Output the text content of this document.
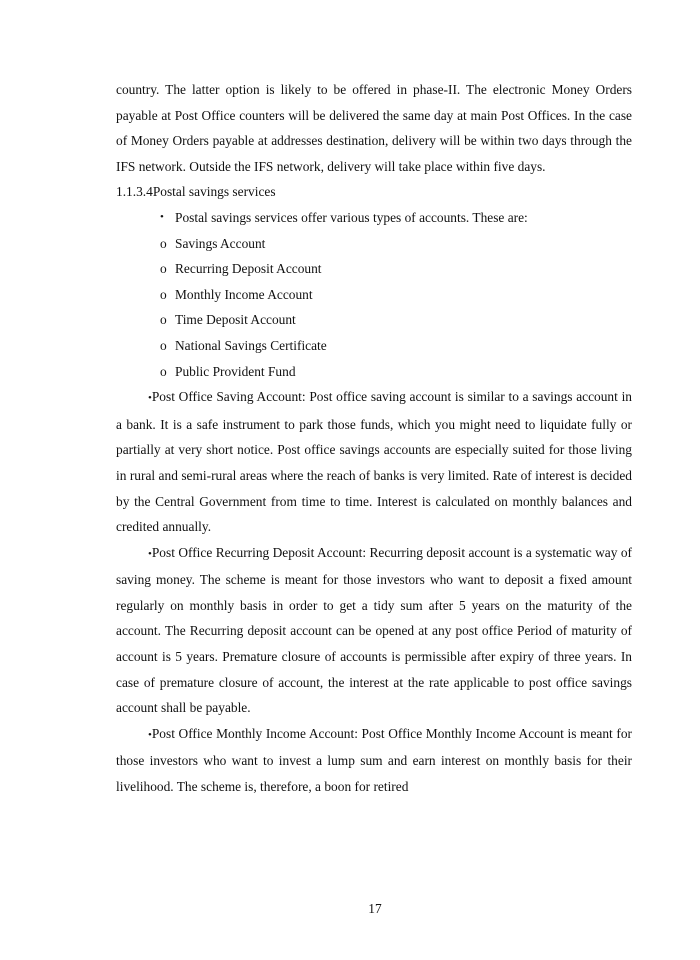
country. The latter option is likely to be offered in phase-II. The electronic Money Orders payable at Post Office counters will be delivered the same day at main Post Offices. In the case of Money Orders payable at addresses destination, delivery will be within two days through the IFS network. Outside the IFS network, delivery will take place within five days.

1.1.3.4Postal savings services

• Postal savings services offer various types of accounts. These are:
o Savings Account
o Recurring Deposit Account
o Monthly Income Account
o Time Deposit Account
o National Savings Certificate
o Public Provident Fund

•Post Office Saving Account: Post office saving account is similar to a savings account in a bank. It is a safe instrument to park those funds, which you might need to liquidate fully or partially at very short notice. Post office savings accounts are especially suited for those living in rural and semi-rural areas where the reach of banks is very limited. Rate of interest is decided by the Central Government from time to time. Interest is calculated on monthly balances and credited annually.

•Post Office Recurring Deposit Account: Recurring deposit account is a systematic way of saving money. The scheme is meant for those investors who want to deposit a fixed amount regularly on monthly basis in order to get a tidy sum after 5 years on the maturity of the account. The Recurring deposit account can be opened at any post office Period of maturity of account is 5 years. Premature closure of accounts is permissible after expiry of three years. In case of premature closure of account, the interest at the rate applicable to post office savings account shall be payable.

•Post Office Monthly Income Account: Post Office Monthly Income Account is meant for those investors who want to invest a lump sum and earn interest on monthly basis for their livelihood. The scheme is, therefore, a boon for retired

17
